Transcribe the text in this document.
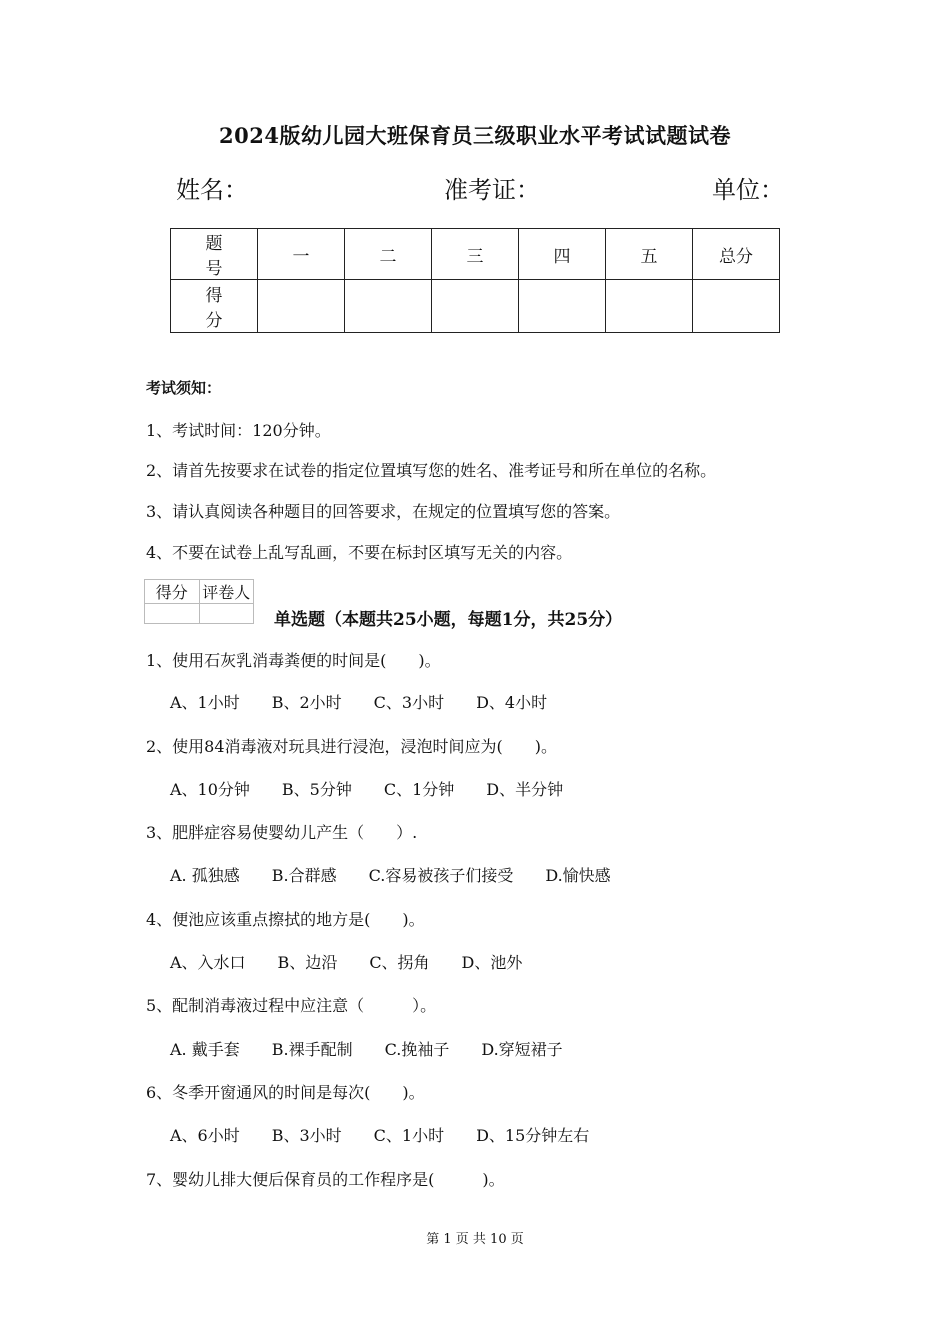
2024版幼儿园大班保育员三级职业水平考试试题试卷
姓名：	准考证：	单位：
题　号	一	二	三	四	五	总分
得　分						
考试须知：
1、考试时间：120分钟。
2、请首先按要求在试卷的指定位置填写您的姓名、准考证号和所在单位的名称。
3、请认真阅读各种题目的回答要求，在规定的位置填写您的答案。
4、不要在试卷上乱写乱画，不要在标封区填写无关的内容。
得分	评卷人

单选题（本题共25小题，每题1分，共25分）
1、使用石灰乳消毒粪便的时间是(　　)。
A、1小时　　B、2小时　　C、3小时　　D、4小时
2、使用84消毒液对玩具进行浸泡，浸泡时间应为(　　)。
A、10分钟　　B、5分钟　　C、1分钟　　D、半分钟
3、肥胖症容易使婴幼儿产生（　　）.
A. 孤独感　　B.合群感　　C.容易被孩子们接受　　D.愉快感
4、便池应该重点擦拭的地方是(　　)。
A、入水口　　B、边沿　　C、拐角　　D、池外
5、配制消毒液过程中应注意（　　　）。
A. 戴手套　　B.裸手配制　　C.挽袖子　　D.穿短裙子
6、冬季开窗通风的时间是每次(　　)。
A、6小时　　B、3小时　　C、1小时　　D、15分钟左右
7、婴幼儿排大便后保育员的工作程序是(　　　)。
第 1 页 共 10 页
